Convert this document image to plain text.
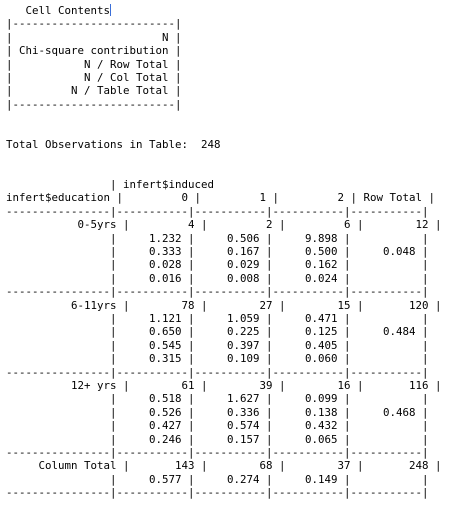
Cell Contents
|-------------------------|
|                       N |
| Chi-square contribution |
|           N / Row Total |
|           N / Col Total |
|         N / Table Total |
|-------------------------|
Total Observations in Table:  248
| infert$induced
infert$education |         0 |         1 |         2 | Row Total |
----------------|-----------|-----------|-----------|-----------|
0-5yrs |         4 |         2 |         6 |        12 |
|     1.232 |     0.506 |     9.898 |           |
|     0.333 |     0.167 |     0.500 |     0.048 |
|     0.028 |     0.029 |     0.162 |           |
|     0.016 |     0.008 |     0.024 |           |
----------------|-----------|-----------|-----------|-----------|
6-11yrs |        78 |        27 |        15 |       120 |
|     1.121 |     1.059 |     0.471 |           |
|     0.650 |     0.225 |     0.125 |     0.484 |
|     0.545 |     0.397 |     0.405 |           |
|     0.315 |     0.109 |     0.060 |           |
----------------|-----------|-----------|-----------|-----------|
12+ yrs |        61 |        39 |        16 |       116 |
|     0.518 |     1.627 |     0.099 |           |
|     0.526 |     0.336 |     0.138 |     0.468 |
|     0.427 |     0.574 |     0.432 |           |
|     0.246 |     0.157 |     0.065 |           |
----------------|-----------|-----------|-----------|-----------|
Column Total |       143 |        68 |        37 |       248 |
|     0.577 |     0.274 |     0.149 |           |
----------------|-----------|-----------|-----------|-----------|
